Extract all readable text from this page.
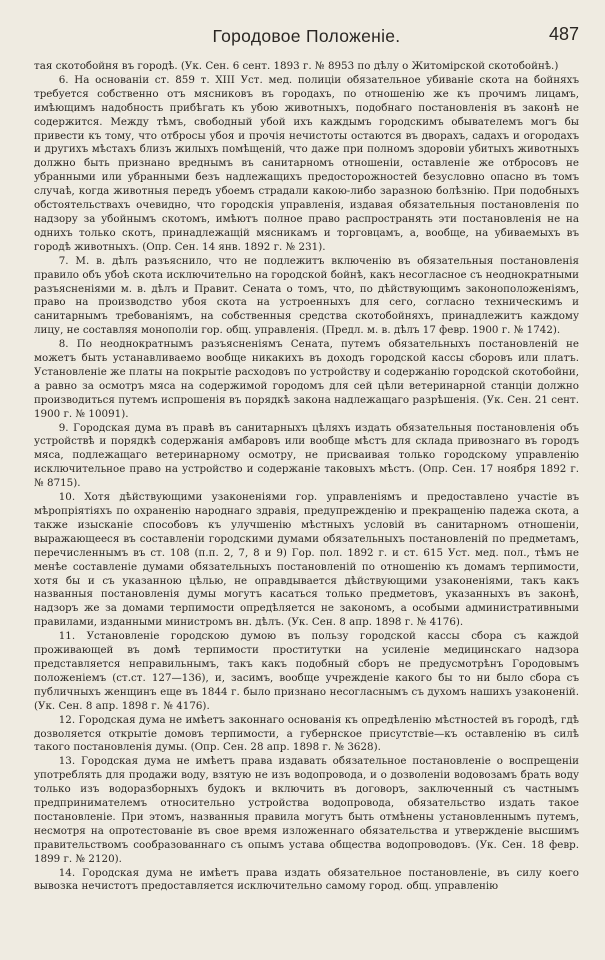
Городовое Положеніе.	487

тая скотобойня въ городѣ. (Ук. Сен. 6 сент. 1893 г. № 8953 по дѣлу о Житомірской скотобойнѣ.)

6. На основаніи ст. 859 т. XIII Уст. мед. полиціи обязательное убиваніе скота на бойняхъ требуется собственно отъ мясниковъ въ городахъ, по отношенію же къ прочимъ лицамъ, имѣющимъ надобность прибѣгать къ убою животныхъ, подобнаго постановленія въ законѣ не содержится. Между тѣмъ, свободный убой ихъ каждымъ городскимъ обывателемъ могъ бы привести къ тому, что отбросы убоя и прочія нечистоты остаются въ дворахъ, садахъ и огородахъ и другихъ мѣстахъ близъ жилыхъ помѣщеній, что даже при полномъ здоровіи убитыхъ животныхъ должно быть признано вреднымъ въ санитарномъ отношеніи, оставленіе же отбросовъ не убранными или убранными безъ надлежащихъ предосторожностей безусловно опасно въ томъ случаѣ, когда животныя передъ убоемъ страдали какою-либо заразною болѣзнію. При подобныхъ обстоятельствахъ очевидно, что городскія управленія, издавая обязательныя постановленія по надзору за убойнымъ скотомъ, имѣютъ полное право распространять эти постановленія не на однихъ только скотъ, принадлежащій мясникамъ и торговцамъ, а, вообще, на убиваемыхъ въ городѣ животныхъ. (Опр. Сен. 14 янв. 1892 г. № 231).

7. М. в. дѣлъ разъяснило, что не подлежитъ включенію въ обязательныя постановленія правило объ убоѣ скота исключительно на городской бойнѣ, какъ несогласное съ неоднократными разъясненіями м. в. дѣлъ и Правит. Сената о томъ, что, по дѣйствующимъ законоположеніямъ, право на производство убоя скота на устроенныхъ для сего, согласно техническимъ и санитарнымъ требованіямъ, на собственныя средства скотобойняхъ, принадлежитъ каждому лицу, не составляя монополіи гор. общ. управленія. (Предл. м. в. дѣлъ 17 февр. 1900 г. № 1742).

8. По неоднократнымъ разъясненіямъ Сената, путемъ обязательныхъ постановленій не можетъ быть устанавливаемо вообще никакихъ въ доходъ городской кассы сборовъ или платъ. Установленіе же платы на покрытіе расходовъ по устройству и содержанію городской скотобойни, а равно за осмотръ мяса на содержимой городомъ для сей цѣли ветеринарной станціи должно производиться путемъ испрошенія въ порядкѣ закона надлежащаго разрѣшенія. (Ук. Сен. 21 сент. 1900 г. № 10091).

9. Городская дума въ правѣ въ санитарныхъ цѣляхъ издать обязательныя постановленія объ устройствѣ и порядкѣ содержанія амбаровъ или вообще мѣстъ для склада привознаго въ городъ мяса, подлежащаго ветеринарному осмотру, не присваивая только городскому управленію исключительное право на устройство и содержаніе таковыхъ мѣстъ. (Опр. Сен. 17 ноября 1892 г. № 8715).

10. Хотя дѣйствующими узаконеніями гор. управленіямъ и предоставлено участіе въ мѣропріятіяхъ по охраненію народнаго здравія, предупрежденію и прекращенію падежа скота, а также изысканіе способовъ къ улучшенію мѣстныхъ условій въ санитарномъ отношеніи, выражающееся въ составленіи городскими думами обязательныхъ постановленій по предметамъ, перечисленнымъ въ ст. 108 (п.п. 2, 7, 8 и 9) Гор. пол. 1892 г. и ст. 615 Уст. мед. пол., тѣмъ не менѣе составленіе думами обязательныхъ постановленій по отношенію къ домамъ терпимости, хотя бы и съ указанною цѣлью, не оправдывается дѣйствующими узаконеніями, такъ какъ названныя постановленія думы могутъ касаться только предметовъ, указанныхъ въ законѣ, надзоръ же за домами терпимости опредѣляется не закономъ, а особыми административными правилами, изданными министромъ вн. дѣлъ. (Ук. Сен. 8 апр. 1898 г. № 4176).

11. Установленіе городскою думою въ пользу городской кассы сбора съ каждой проживающей въ домѣ терпимости проститутки на усиленіе медицинскаго надзора представляется неправильнымъ, такъ какъ подобный сборъ не предусмотрѣнъ Городовымъ положеніемъ (ст.ст. 127—136), и, засимъ, вообще учрежденіе какого бы то ни было сбора съ публичныхъ женщинъ еще въ 1844 г. было признано несогласнымъ съ духомъ нашихъ узаконеній. (Ук. Сен. 8 апр. 1898 г. № 4176).

12. Городская дума не имѣетъ законнаго основанія къ опредѣленію мѣстностей въ городѣ, гдѣ дозволяется открытіе домовъ терпимости, а губернское присутствіе—къ оставленію въ силѣ такого постановленія думы. (Опр. Сен. 28 апр. 1898 г. № 3628).

13. Городская дума не имѣетъ права издавать обязательное постановленіе о воспрещеніи употреблять для продажи воду, взятую не изъ водопровода, и о дозволеніи водовозамъ брать воду только изъ водоразборныхъ будокъ и включить въ договоръ, заключенный съ частнымъ предпринимателемъ относительно устройства водопровода, обязательство издать такое постановленіе. При этомъ, названныя правила могутъ быть отмѣнены установленнымъ путемъ, несмотря на опротестованіе въ свое время изложеннаго обязательства и утвержденіе высшимъ правительствомъ сообразованнаго съ опымъ устава общества водопроводовъ. (Ук. Сен. 18 февр. 1899 г. № 2120).

14. Городская дума не имѣетъ права издать обязательное постановленіе, въ силу коего вывозка нечистотъ предоставляется исключительно самому город. общ. управленію
